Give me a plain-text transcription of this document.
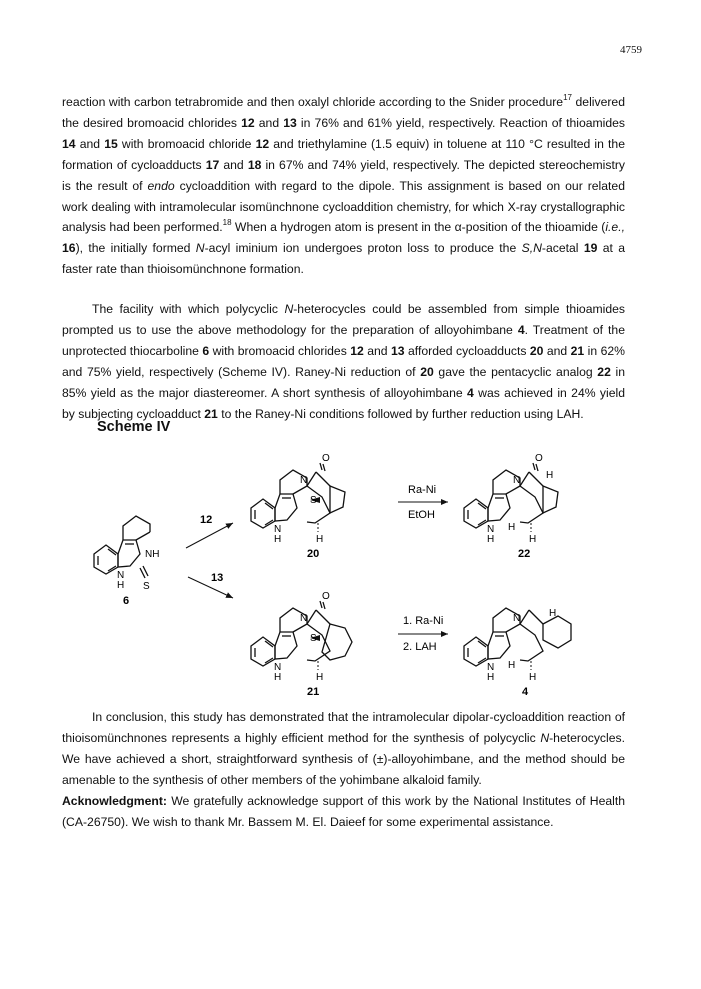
4759

reaction with carbon tetrabromide and then oxalyl chloride according to the Snider procedure$^{17}$ delivered the desired bromoacid chlorides 12 and 13 in 76% and 61% yield, respectively. Reaction of thioamides 14 and 15 with bromoacid chloride 12 and triethylamine (1.5 equiv) in toluene at 110 °C resulted in the formation of cycloadducts 17 and 18 in 67% and 74% yield, respectively. The depicted stereochemistry is the result of endo cycloaddition with regard to the dipole. This assignment is based on our related work dealing with intramolecular isomünchnone cycloaddition chemistry, for which X-ray crystallographic analysis had been performed.$^{18}$ When a hydrogen atom is present in the α-position of the thioamide (i.e., 16), the initially formed N-acyl iminium ion undergoes proton loss to produce the S,N-acetal 19 at a faster rate than thioisomünchnone formation.

The facility with which polycyclic N-heterocycles could be assembled from simple thioamides prompted us to use the above methodology for the preparation of alloyohimbane 4. Treatment of the unprotected thiocarboline 6 with bromoacid chlorides 12 and 13 afforded cycloadducts 20 and 21 in 62% and 75% yield, respectively (Scheme IV). Raney-Ni reduction of 20 gave the pentacyclic analog 22 in 85% yield as the major diastereomer. A short synthesis of alloyohimbane 4 was achieved in 24% yield by subjecting cycloadduct 21 to the Raney-Ni conditions followed by further reduction using LAH.

Scheme IV
N
H
NH
S
6
12
13
O
N
S
N
H	H
20
Ra-Ni
EtOH
O
N	H
N
H
H
H
22
O
N
S
N
H	H
21
1. Ra-Ni
2. LAH
N	H
N
H
H
H
4

In conclusion, this study has demonstrated that the intramolecular dipolar-cycloaddition reaction of thioisomünchnones represents a highly efficient method for the synthesis of polycyclic N-heterocycles. We have achieved a short, straightforward synthesis of (±)-alloyohimbane, and the method should be amenable to the synthesis of other members of the yohimbane alkaloid family.

Acknowledgment: We gratefully acknowledge support of this work by the National Institutes of Health (CA-26750). We wish to thank Mr. Bassem M. El. Daieef for some experimental assistance.
